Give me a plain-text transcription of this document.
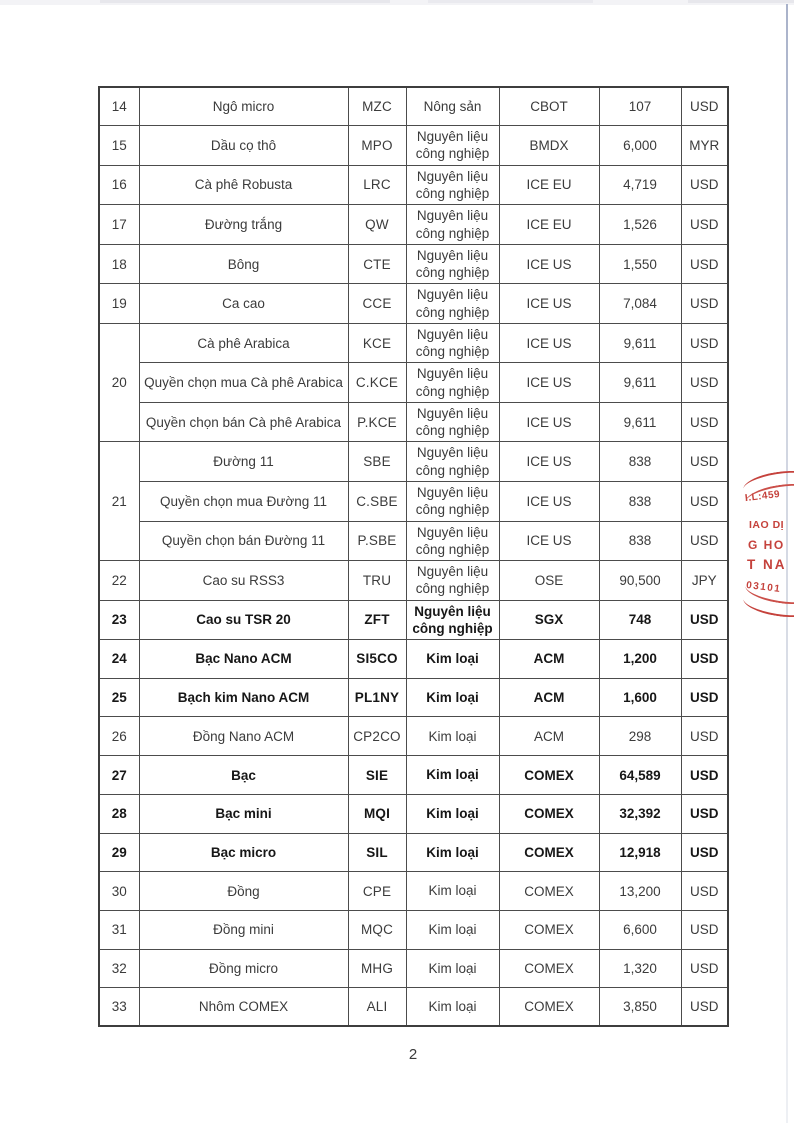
14	Ngô micro	MZC	Nông sản	CBOT	107	USD
15	Dầu cọ thô	MPO	Nguyên liệu công nghiệp	BMDX	6,000	MYR
16	Cà phê Robusta	LRC	Nguyên liệu công nghiệp	ICE EU	4,719	USD
17	Đường trắng	QW	Nguyên liệu công nghiệp	ICE EU	1,526	USD
18	Bông	CTE	Nguyên liệu công nghiệp	ICE US	1,550	USD
19	Ca cao	CCE	Nguyên liệu công nghiệp	ICE US	7,084	USD
20	Cà phê Arabica	KCE	Nguyên liệu công nghiệp	ICE US	9,611	USD
	Quyền chọn mua Cà phê Arabica	C.KCE	Nguyên liệu công nghiệp	ICE US	9,611	USD
	Quyền chọn bán Cà phê Arabica	P.KCE	Nguyên liệu công nghiệp	ICE US	9,611	USD
21	Đường 11	SBE	Nguyên liệu công nghiệp	ICE US	838	USD
	Quyền chọn mua Đường 11	C.SBE	Nguyên liệu công nghiệp	ICE US	838	USD
	Quyền chọn bán Đường 11	P.SBE	Nguyên liệu công nghiệp	ICE US	838	USD
22	Cao su RSS3	TRU	Nguyên liệu công nghiệp	OSE	90,500	JPY
23	Cao su TSR 20	ZFT	Nguyên liệu công nghiệp	SGX	748	USD
24	Bạc Nano ACM	SI5CO	Kim loại	ACM	1,200	USD
25	Bạch kim Nano ACM	PL1NY	Kim loại	ACM	1,600	USD
26	Đồng Nano ACM	CP2CO	Kim loại	ACM	298	USD
27	Bạc	SIE	Kim loại	COMEX	64,589	USD
28	Bạc mini	MQI	Kim loại	COMEX	32,392	USD
29	Bạc micro	SIL	Kim loại	COMEX	12,918	USD
30	Đồng	CPE	Kim loại	COMEX	13,200	USD
31	Đồng mini	MQC	Kim loại	COMEX	6,600	USD
32	Đồng micro	MHG	Kim loại	COMEX	1,320	USD
33	Nhôm COMEX	ALI	Kim loại	COMEX	3,850	USD
I.L:459
IAO DỊ
G HO
T NA
03101
2
